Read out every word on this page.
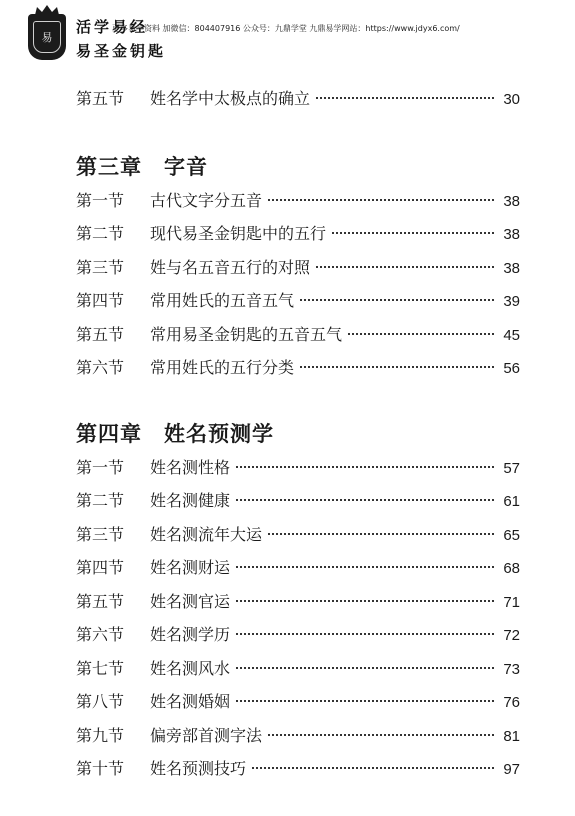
易
活学易经
易圣金钥匙
更多易学资料 加微信：804407916 公众号：九鼎学堂 九鼎易学网站：https://www.jdyx6.com/
第五节	姓名学中太极点的确立	30
第三章　字音
第一节	古代文字分五音	38
第二节	现代易圣金钥匙中的五行	38
第三节	姓与名五音五行的对照	38
第四节	常用姓氏的五音五气	39
第五节	常用易圣金钥匙的五音五气	45
第六节	常用姓氏的五行分类	56
第四章　姓名预测学
第一节	姓名测性格	57
第二节	姓名测健康	61
第三节	姓名测流年大运	65
第四节	姓名测财运	68
第五节	姓名测官运	71
第六节	姓名测学历	72
第七节	姓名测风水	73
第八节	姓名测婚姻	76
第九节	偏旁部首测字法	81
第十节	姓名预测技巧	97
